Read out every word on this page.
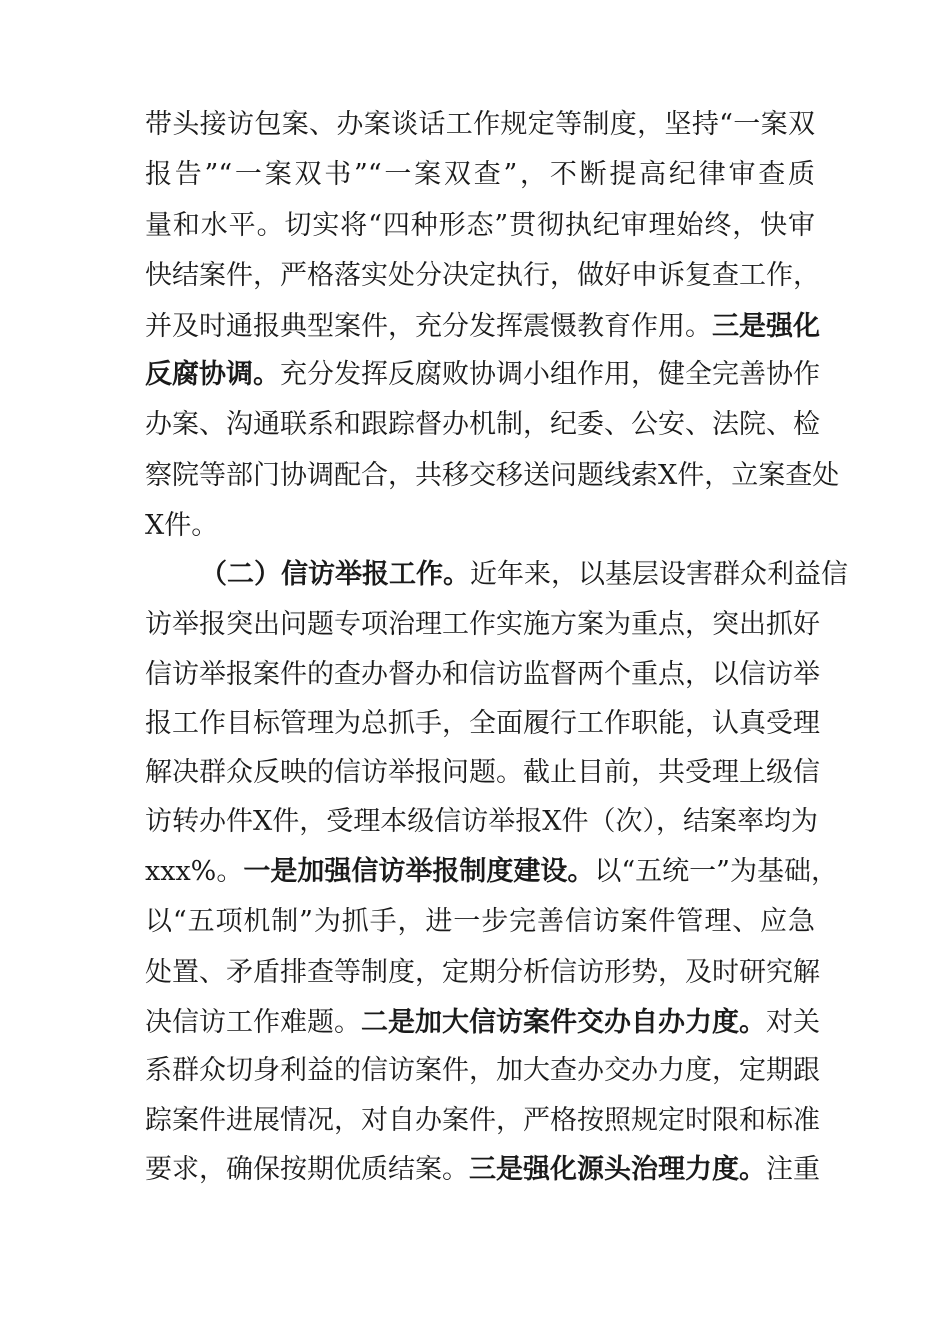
带头接访包案、办案谈话工作规定等制度，坚持“一案双
报告”“一案双书”“一案双查”，不断提高纪律审查质
量和水平。切实将“四种形态”贯彻执纪审理始终，快审
快结案件，严格落实处分决定执行，做好申诉复查工作，
并及时通报典型案件，充分发挥震慑教育作用。三是强化
反腐协调。充分发挥反腐败协调小组作用，健全完善协作
办案、沟通联系和跟踪督办机制，纪委、公安、法院、检
察院等部门协调配合，共移交移送问题线索X件，立案查处
X件。
（二）信访举报工作。近年来，以基层设害群众利益信
访举报突出问题专项治理工作实施方案为重点，突出抓好
信访举报案件的查办督办和信访监督两个重点，以信访举
报工作目标管理为总抓手，全面履行工作职能，认真受理
解决群众反映的信访举报问题。截止目前，共受理上级信
访转办件X件，受理本级信访举报X件（次），结案率均为
xxx%。一是加强信访举报制度建设。以“五统一”为基础，
以“五项机制”为抓手，进一步完善信访案件管理、应急
处置、矛盾排查等制度，定期分析信访形势，及时研究解
决信访工作难题。二是加大信访案件交办自办力度。对关
系群众切身利益的信访案件，加大查办交办力度，定期跟
踪案件进展情况，对自办案件，严格按照规定时限和标准
要求，确保按期优质结案。三是强化源头治理力度。注重
